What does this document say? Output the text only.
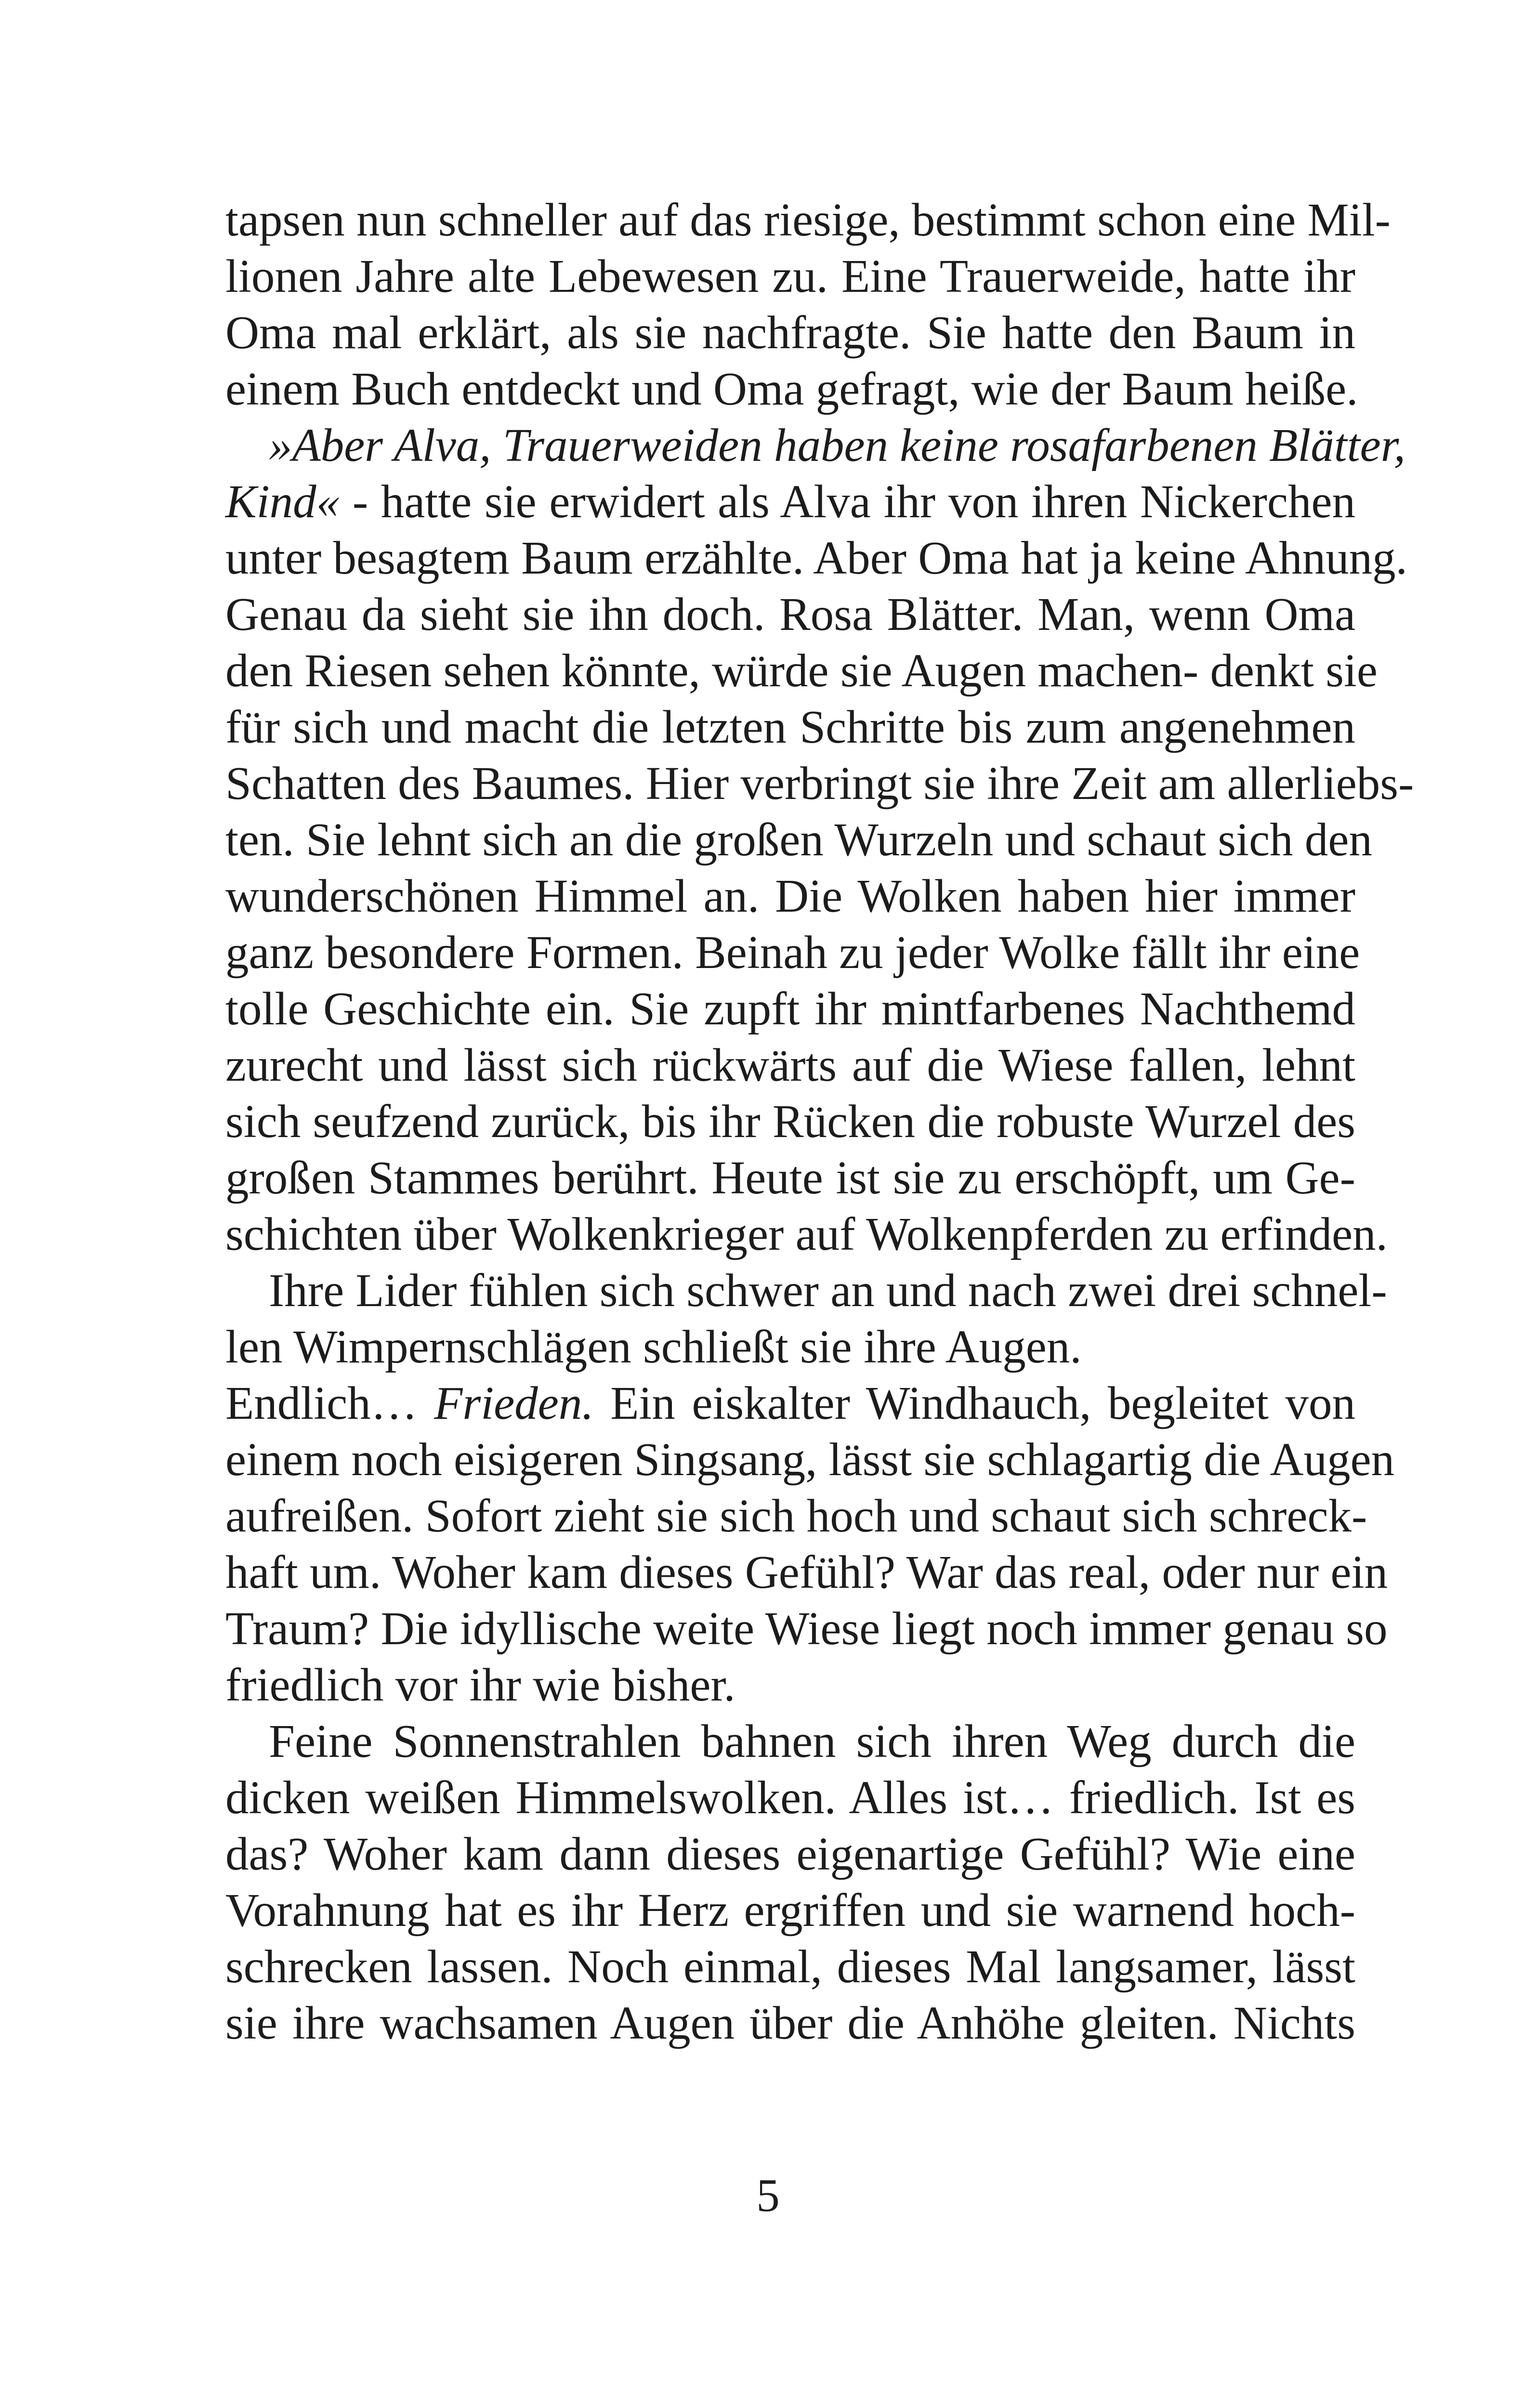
tapsen nun schneller auf das riesige, bestimmt schon eine Mil-
lionen Jahre alte Lebewesen zu. Eine Trauerweide, hatte ihr
Oma mal erklärt, als sie nachfragte. Sie hatte den Baum in
einem Buch entdeckt und Oma gefragt, wie der Baum heiße.
»Aber Alva, Trauerweiden haben keine rosafarbenen Blätter,
Kind« - hatte sie erwidert als Alva ihr von ihren Nickerchen
unter besagtem Baum erzählte. Aber Oma hat ja keine Ahnung.
Genau da sieht sie ihn doch. Rosa Blätter. Man, wenn Oma
den Riesen sehen könnte, würde sie Augen machen- denkt sie
für sich und macht die letzten Schritte bis zum angenehmen
Schatten des Baumes. Hier verbringt sie ihre Zeit am allerliebs-
ten. Sie lehnt sich an die großen Wurzeln und schaut sich den
wunderschönen Himmel an. Die Wolken haben hier immer
ganz besondere Formen. Beinah zu jeder Wolke fällt ihr eine
tolle Geschichte ein. Sie zupft ihr mintfarbenes Nachthemd
zurecht und lässt sich rückwärts auf die Wiese fallen, lehnt
sich seufzend zurück, bis ihr Rücken die robuste Wurzel des
großen Stammes berührt. Heute ist sie zu erschöpft, um Ge-
schichten über Wolkenkrieger auf Wolkenpferden zu erfinden.
Ihre Lider fühlen sich schwer an und nach zwei drei schnel-
len Wimpernschlägen schließt sie ihre Augen.
Endlich… Frieden. Ein eiskalter Windhauch, begleitet von
einem noch eisigeren Singsang, lässt sie schlagartig die Augen
aufreißen. Sofort zieht sie sich hoch und schaut sich schreck-
haft um. Woher kam dieses Gefühl? War das real, oder nur ein
Traum? Die idyllische weite Wiese liegt noch immer genau so
friedlich vor ihr wie bisher.
Feine Sonnenstrahlen bahnen sich ihren Weg durch die
dicken weißen Himmelswolken. Alles ist… friedlich. Ist es
das? Woher kam dann dieses eigenartige Gefühl? Wie eine
Vorahnung hat es ihr Herz ergriffen und sie warnend hoch-
schrecken lassen. Noch einmal, dieses Mal langsamer, lässt
sie ihre wachsamen Augen über die Anhöhe gleiten. Nichts
5
